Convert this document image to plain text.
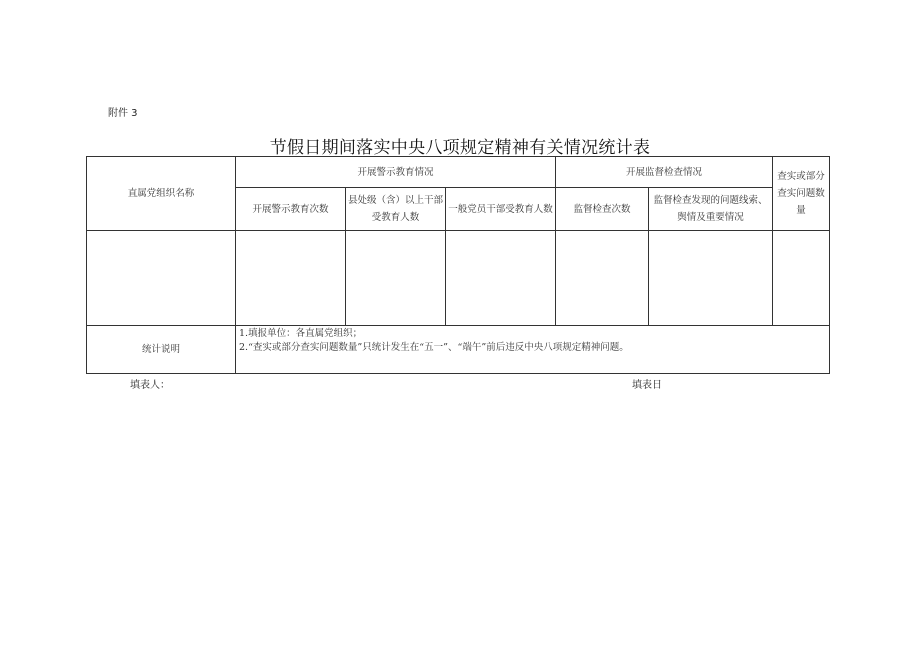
附件 3
节假日期间落实中央八项规定精神有关情况统计表
直属党组织名称	开展警示教育情况			开展监督检查情况		查实或部分查实问题数量
	开展警示教育次数	县处级（含）以上干部受教育人数	一般党员干部受教育人数	监督检查次数	监督检查发现的问题线索、舆情及重要情况	

统计说明	1.填报单位：各直属党组织；
2.“查实或部分查实问题数量”只统计发生在“五一”、“端午”前后违反中央八项规定精神问题。					
填表人：	填表日
